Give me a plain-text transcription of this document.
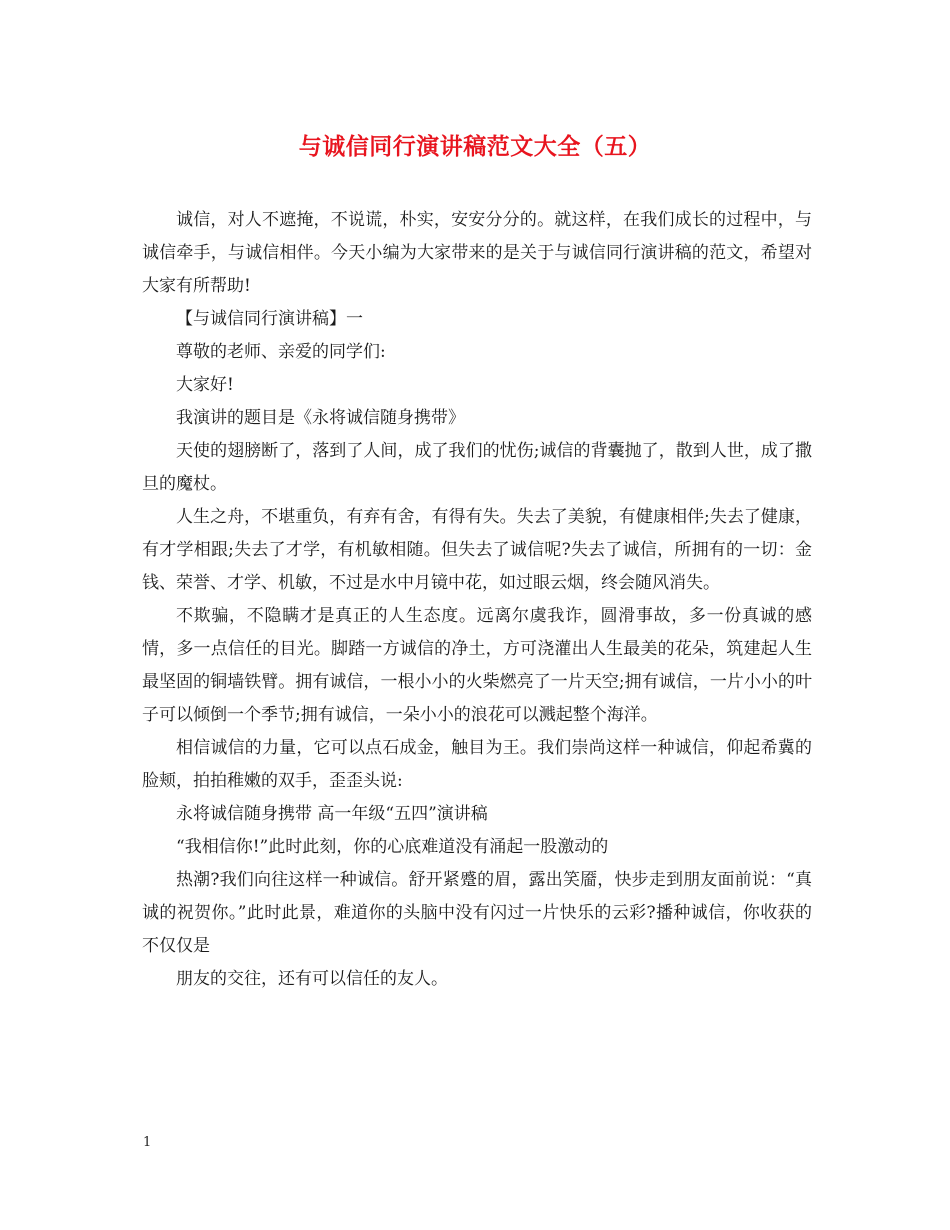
与诚信同行演讲稿范文大全（五）

诚信，对人不遮掩，不说谎，朴实，安安分分的。就这样，在我们成长的过程中，与诚信牵手，与诚信相伴。今天小编为大家带来的是关于与诚信同行演讲稿的范文，希望对大家有所帮助!

【与诚信同行演讲稿】一

尊敬的老师、亲爱的同学们:

大家好!

我演讲的题目是《永将诚信随身携带》

天使的翅膀断了，落到了人间，成了我们的忧伤;诚信的背囊抛了，散到人世，成了撒旦的魔杖。

人生之舟，不堪重负，有弃有舍，有得有失。失去了美貌，有健康相伴;失去了健康，有才学相跟;失去了才学，有机敏相随。但失去了诚信呢?失去了诚信，所拥有的一切：金钱、荣誉、才学、机敏，不过是水中月镜中花，如过眼云烟，终会随风消失。

不欺骗，不隐瞒才是真正的人生态度。远离尔虞我诈，圆滑事故，多一份真诚的感情，多一点信任的目光。脚踏一方诚信的净土，方可浇灌出人生最美的花朵，筑建起人生最坚固的铜墙铁臂。拥有诚信，一根小小的火柴燃亮了一片天空;拥有诚信，一片小小的叶子可以倾倒一个季节;拥有诚信，一朵小小的浪花可以溅起整个海洋。

相信诚信的力量，它可以点石成金，触目为王。我们崇尚这样一种诚信，仰起希冀的脸颊，拍拍稚嫩的双手，歪歪头说:

永将诚信随身携带 高一年级“五四”演讲稿

“我相信你!”此时此刻，你的心底难道没有涌起一股激动的

热潮?我们向往这样一种诚信。舒开紧蹙的眉，露出笑靥，快步走到朋友面前说：“真诚的祝贺你。”此时此景，难道你的头脑中没有闪过一片快乐的云彩?播种诚信，你收获的不仅仅是

朋友的交往，还有可以信任的友人。

1
